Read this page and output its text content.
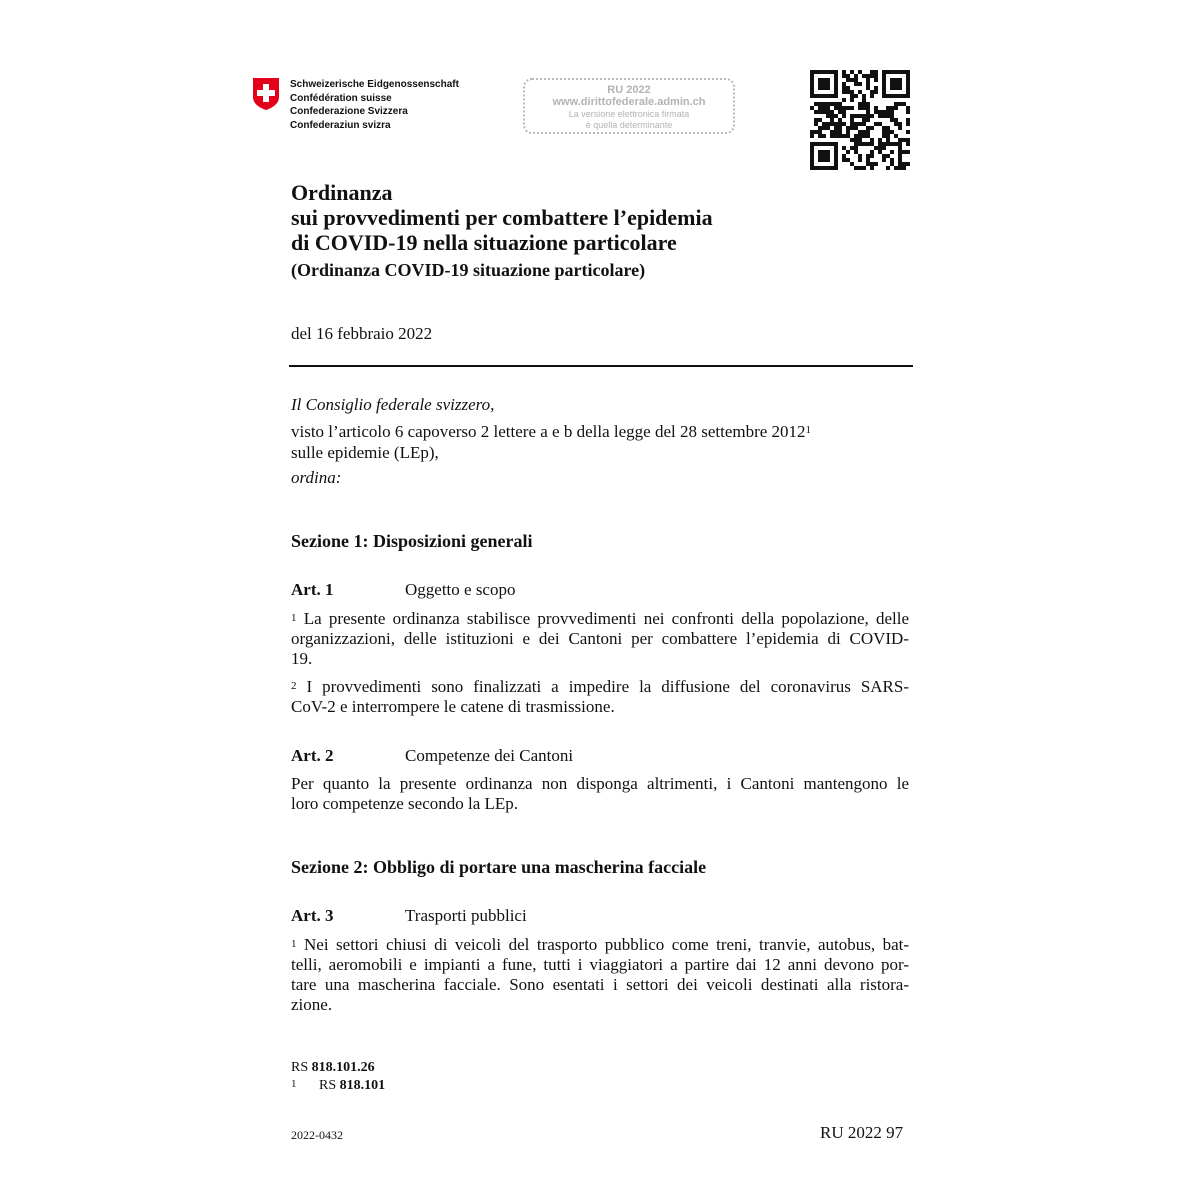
Schweizerische Eidgenossenschaft
Confédération suisse
Confederazione Svizzera
Confederaziun svizra
RU 2022
www.dirittofederale.admin.ch
La versione elettronica firmata
è quella determinante
Ordinanza
sui provvedimenti per combattere l’epidemia
di COVID-19 nella situazione particolare
(Ordinanza COVID-19 situazione particolare)
del 16 febbraio 2022
Il Consiglio federale svizzero,
visto l’articolo 6 capoverso 2 lettere a e b della legge del 28 settembre 2012$^1$
sulle epidemie (LEp),
ordina:
Sezione 1: Disposizioni generali
Art. 1	Oggetto e scopo
$^1$ La presente ordinanza stabilisce provvedimenti nei confronti della popolazione, delle
organizzazioni, delle istituzioni e dei Cantoni per combattere l’epidemia di COVID-
19.
$^2$ I provvedimenti sono finalizzati a impedire la diffusione del coronavirus SARS-
CoV-2 e interrompere le catene di trasmissione.
Art. 2	Competenze dei Cantoni
Per quanto la presente ordinanza non disponga altrimenti, i Cantoni mantengono le
loro competenze secondo la LEp.
Sezione 2: Obbligo di portare una mascherina facciale
Art. 3	Trasporti pubblici
$^1$ Nei settori chiusi di veicoli del trasporto pubblico come treni, tranvie, autobus, bat-
telli, aeromobili e impianti a fune, tutti i viaggiatori a partire dai 12 anni devono por-
tare una mascherina facciale. Sono esentati i settori dei veicoli destinati alla ristora-
zione.
RS 818.101.26
1 RS 818.101
2022-0432	RU 2022 97
